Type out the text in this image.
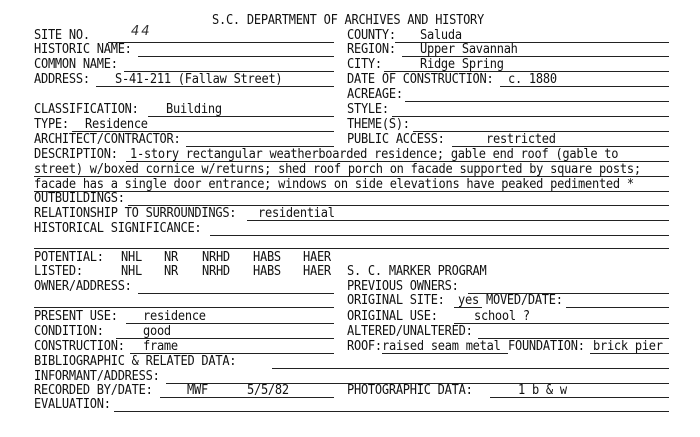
S.C. DEPARTMENT OF ARCHIVES AND HISTORY
SITE NO.	44	COUNTY: Saluda
HISTORIC NAME:	REGION: Upper Savannah
COMMON NAME:	CITY:	Ridge Spring
ADDRESS: S-41-211 (Fallaw Street)	DATE OF CONSTRUCTION: c. 1880
ACREAGE:
CLASSIFICATION: Building	STYLE:
TYPE: Residence	THEME(S):
ARCHITECT/CONTRACTOR:	PUBLIC ACCESS:	restricted
DESCRIPTION: 1-story rectangular weatherboarded residence; gable end roof (gable to
street) w/boxed cornice w/returns; shed roof porch on facade supported by square posts;
facade has a single door entrance; windows on side elevations have peaked pedimented *
OUTBUILDINGS:
RELATIONSHIP TO SURROUNDINGS: residential
HISTORICAL SIGNIFICANCE:
POTENTIAL: NHL NR NRHD HABS HAER
LISTED:	NHL NR NRHD HABS HAER S. C. MARKER PROGRAM
OWNER/ADDRESS:	PREVIOUS OWNERS:
ORIGINAL SITE: yes MOVED/DATE:
PRESENT USE: residence	ORIGINAL USE:	school ?
CONDITION:	good	ALTERED/UNALTERED:
CONSTRUCTION: frame	ROOF: raised seam metal FOUNDATION: brick pier
BIBLIOGRAPHIC & RELATED DATA:
INFORMANT/ADDRESS:
RECORDED BY/DATE:	MWF	5/5/82	PHOTOGRAPHIC DATA:	1 b & w
EVALUATION:
